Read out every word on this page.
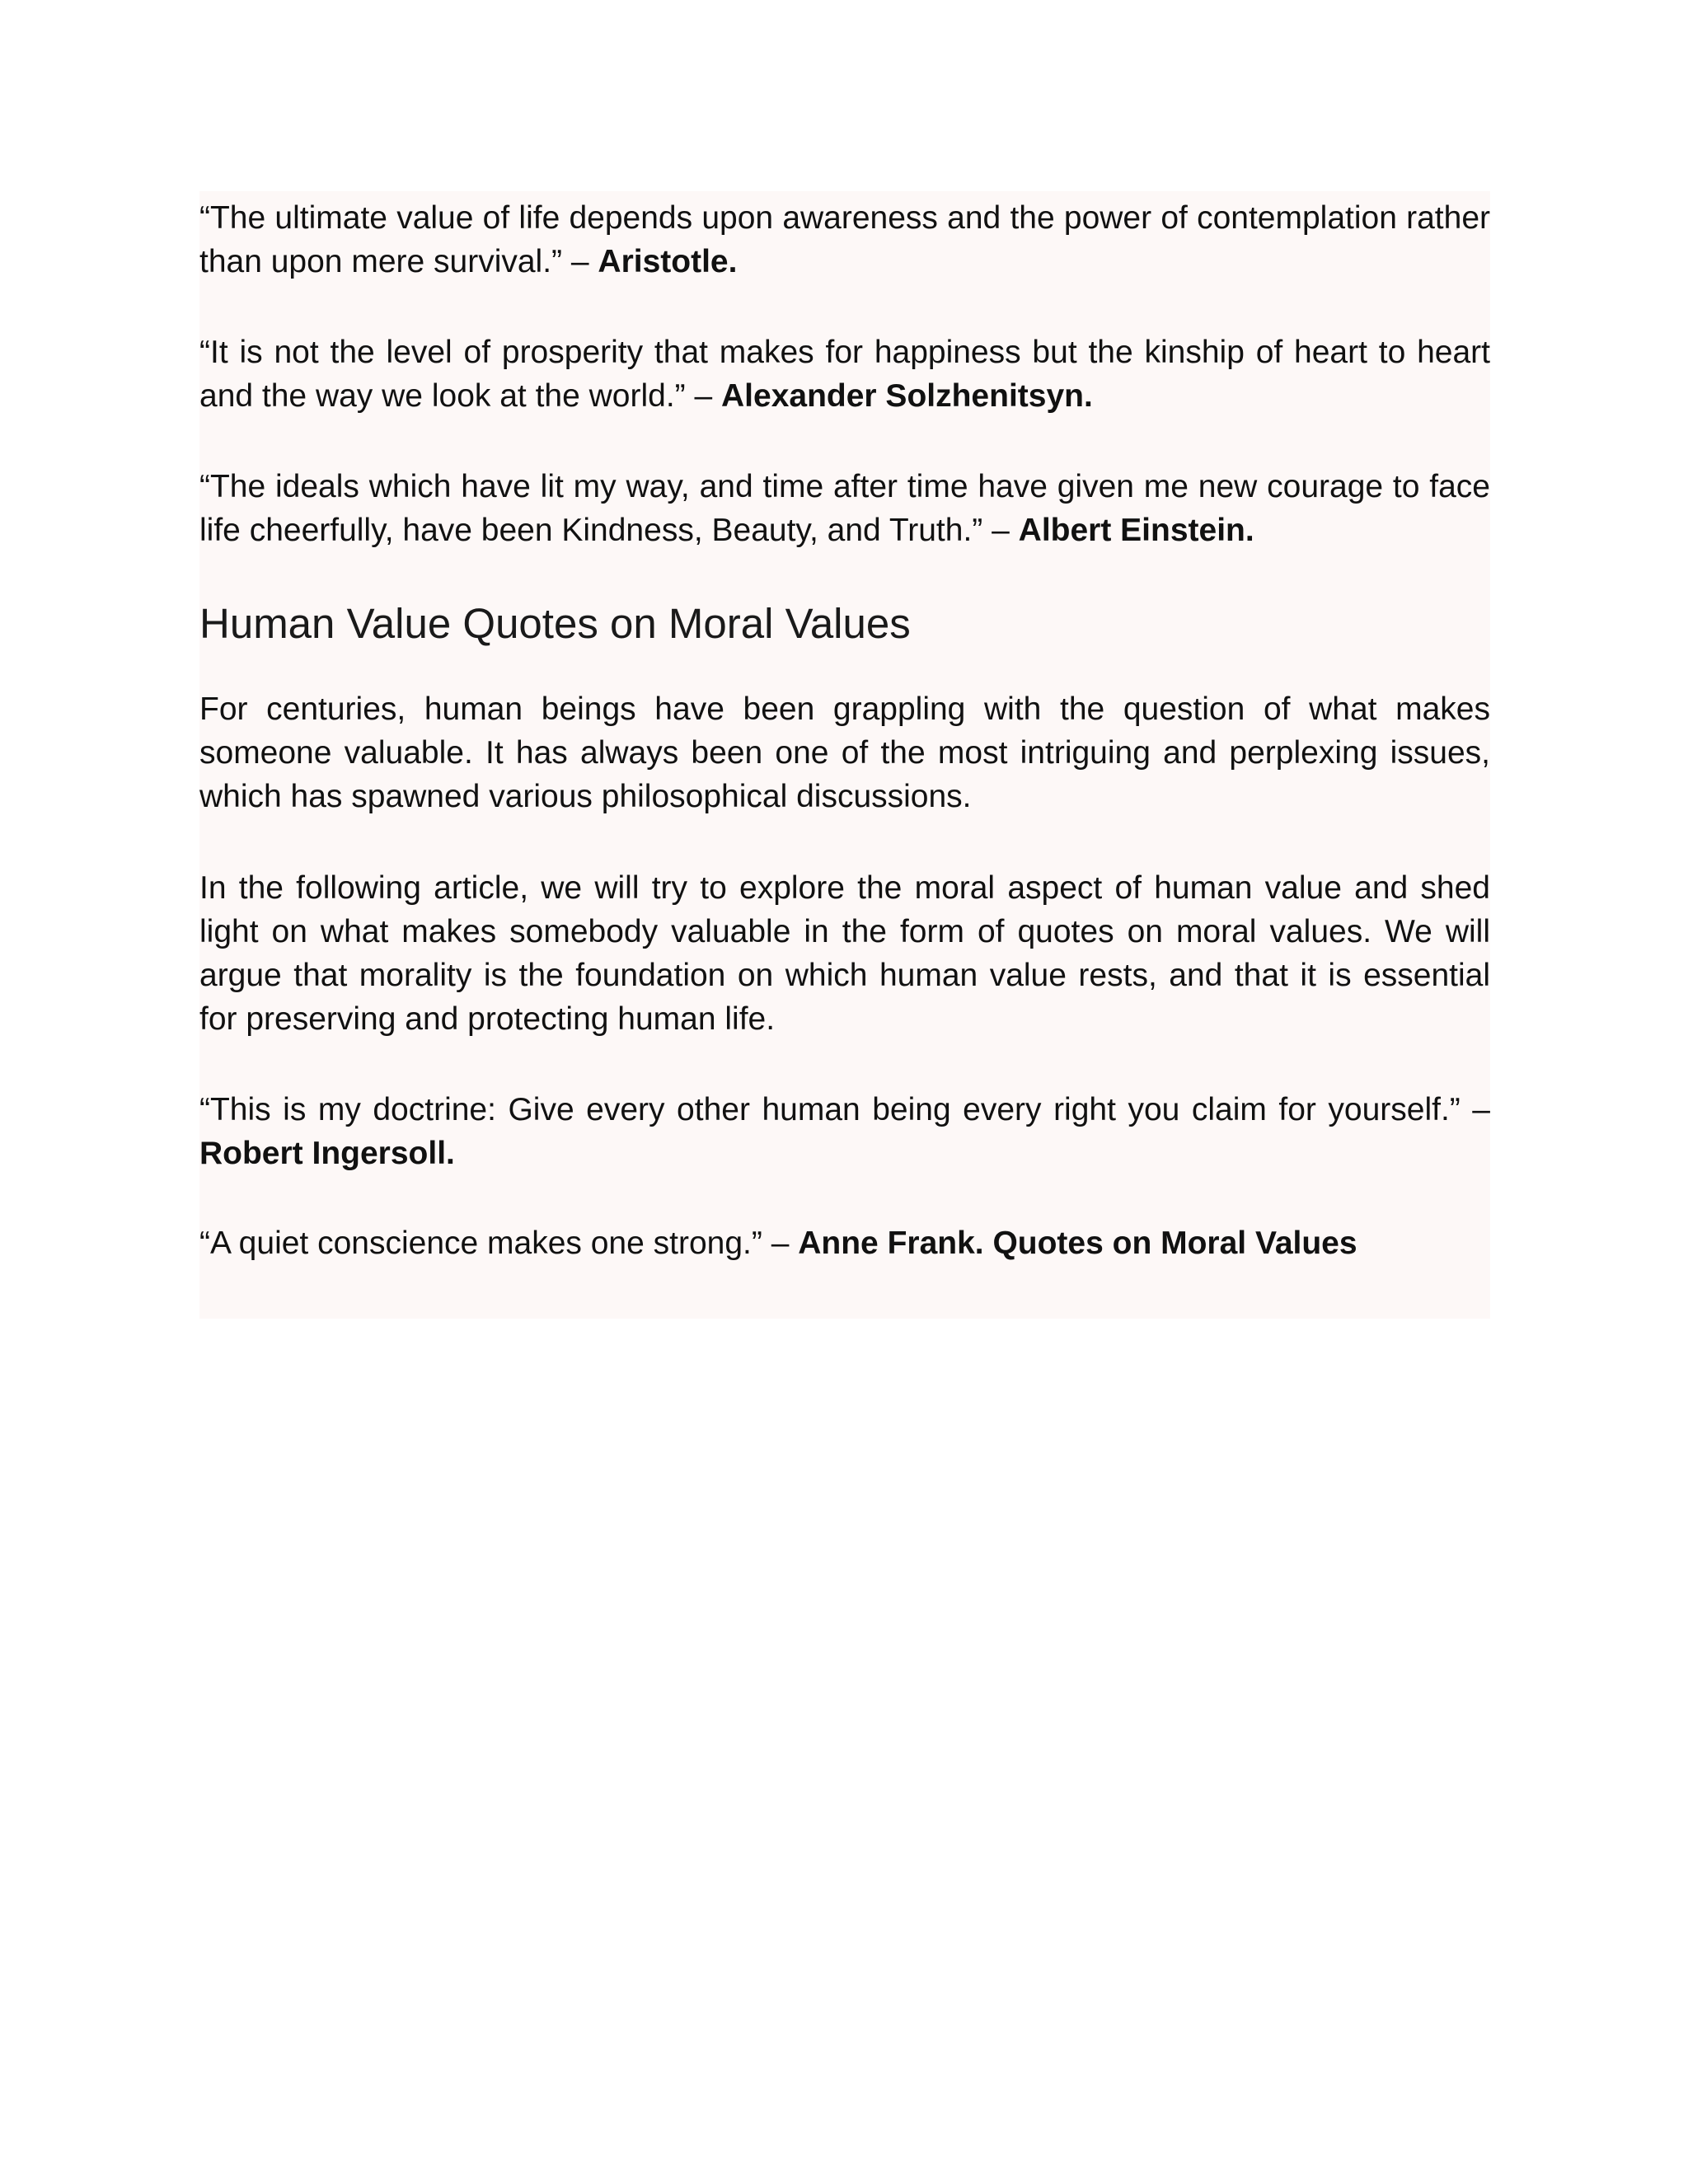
“The ultimate value of life depends upon awareness and the power of contemplation rather than upon mere survival.” – Aristotle.

“It is not the level of prosperity that makes for happiness but the kinship of heart to heart and the way we look at the world.” – Alexander Solzhenitsyn.

“The ideals which have lit my way, and time after time have given me new courage to face life cheerfully, have been Kindness, Beauty, and Truth.” – Albert Einstein.

Human Value Quotes on Moral Values

For centuries, human beings have been grappling with the question of what makes someone valuable. It has always been one of the most intriguing and perplexing issues, which has spawned various philosophical discussions.

In the following article, we will try to explore the moral aspect of human value and shed light on what makes somebody valuable in the form of quotes on moral values. We will argue that morality is the foundation on which human value rests, and that it is essential for preserving and protecting human life.

“This is my doctrine: Give every other human being every right you claim for yourself.” – Robert Ingersoll.

“A quiet conscience makes one strong.” – Anne Frank. Quotes on Moral Values
